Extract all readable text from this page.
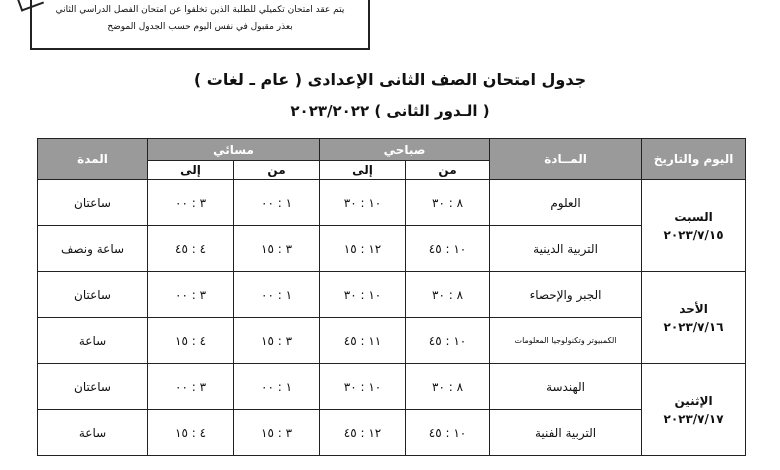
يتم عقد امتحان تكميلي للطلبة الذين تخلفوا عن امتحان الفصل الدراسي الثاني
بعذر مقبول في نفس اليوم حسب الجدول الموضح
جدول امتحان الصف الثانى الإعدادى ( عام ـ لغات )
( الـدور الثانى ) ٢٠٢٣/٢٠٢٢
اليوم والتاريخ	المــادة	صباحي		مسائي		المدة
		من	إلى	من	إلى	

السبت
٢٠٢٣/٧/١٥	العلوم	٨ : ٣٠	١٠ : ٣٠	١ : ٠٠	٣ : ٠٠	ساعتان
	التربية الدينية	١٠ : ٤٥	١٢ : ١٥	٣ : ١٥	٤ : ٤٥	ساعة ونصف

الأحد
٢٠٢٣/٧/١٦	الجبر والإحصاء	٨ : ٣٠	١٠ : ٣٠	١ : ٠٠	٣ : ٠٠	ساعتان
	الكمبيوتر وتكنولوجيا المعلومات	١٠ : ٤٥	١١ : ٤٥	٣ : ١٥	٤ : ١٥	ساعة

الإثنين
٢٠٢٣/٧/١٧	الهندسة	٨ : ٣٠	١٠ : ٣٠	١ : ٠٠	٣ : ٠٠	ساعتان
	التربية الفنية	١٠ : ٤٥	١٢ : ٤٥	٣ : ١٥	٤ : ١٥	ساعة
